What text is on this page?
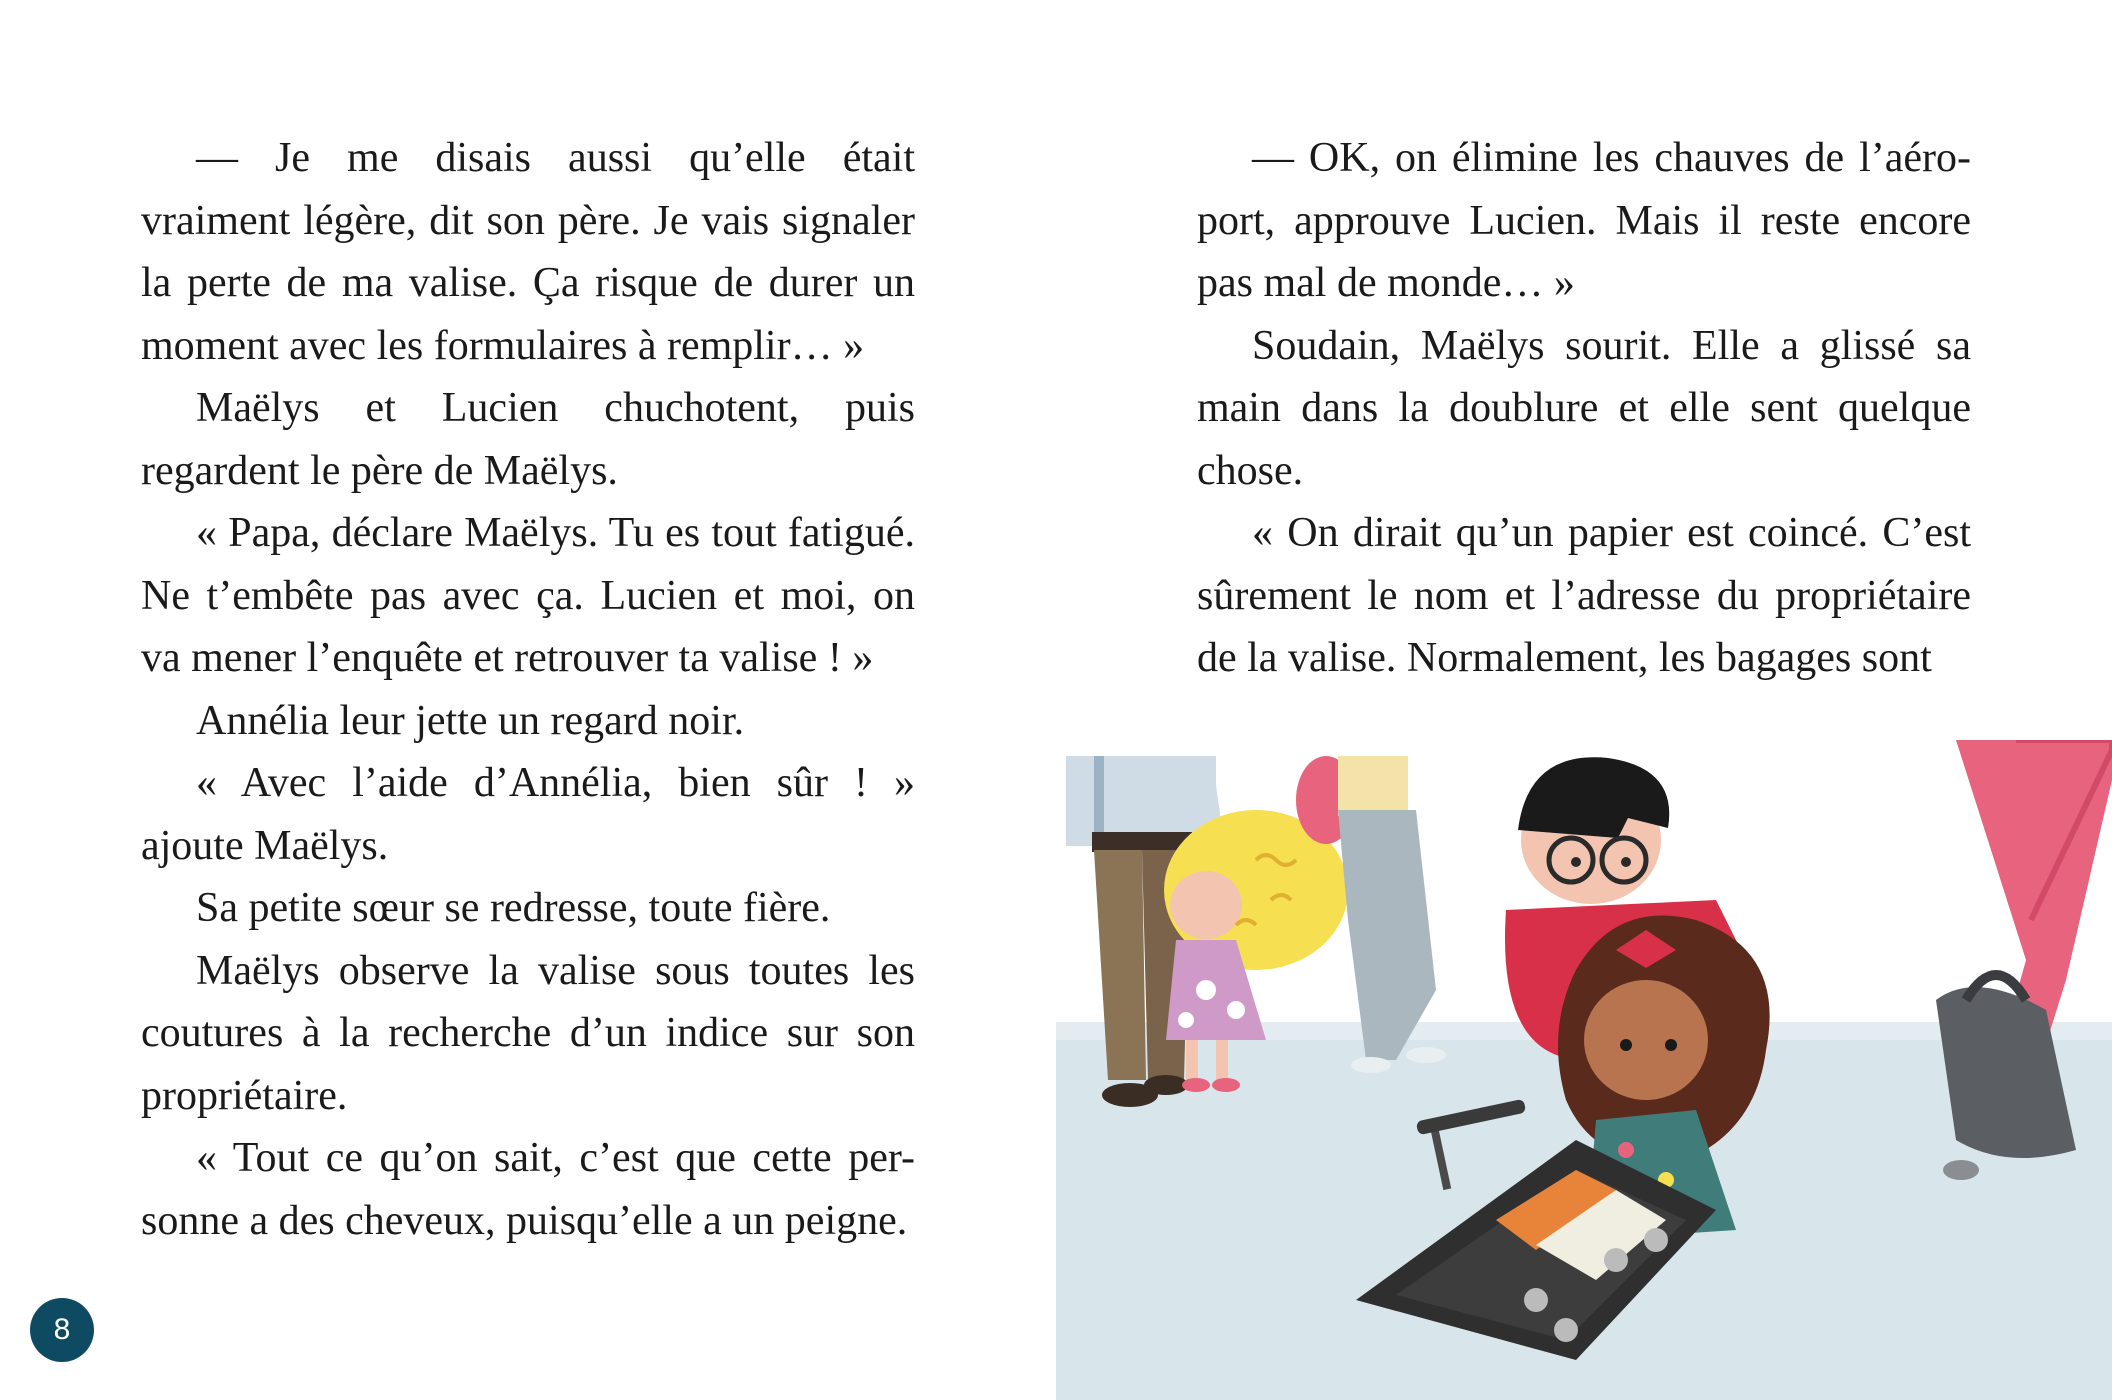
— Je me disais aussi qu’elle était vraiment légère, dit son père. Je vais signaler la perte de ma valise. Ça risque de durer un moment avec les formulaires à remplir… »

Maëlys et Lucien chuchotent, puis regardent le père de Maëlys.

« Papa, déclare Maëlys. Tu es tout fatigué. Ne t’embête pas avec ça. Lucien et moi, on va mener l’enquête et retrouver ta valise ! »

Annélia leur jette un regard noir.

« Avec l’aide d’Annélia, bien sûr ! » ajoute Maëlys.

Sa petite sœur se redresse, toute fière.

Maëlys observe la valise sous toutes les coutures à la recherche d’un indice sur son propriétaire.

« Tout ce qu’on sait, c’est que cette per-sonne a des cheveux, puisqu’elle a un peigne.

8

— OK, on élimine les chauves de l’aéro-port, approuve Lucien. Mais il reste encore pas mal de monde… »

Soudain, Maëlys sourit. Elle a glissé sa main dans la doublure et elle sent quelque chose.

« On dirait qu’un papier est coincé. C’est sûrement le nom et l’adresse du propriétaire de la valise. Normalement, les bagages sont
